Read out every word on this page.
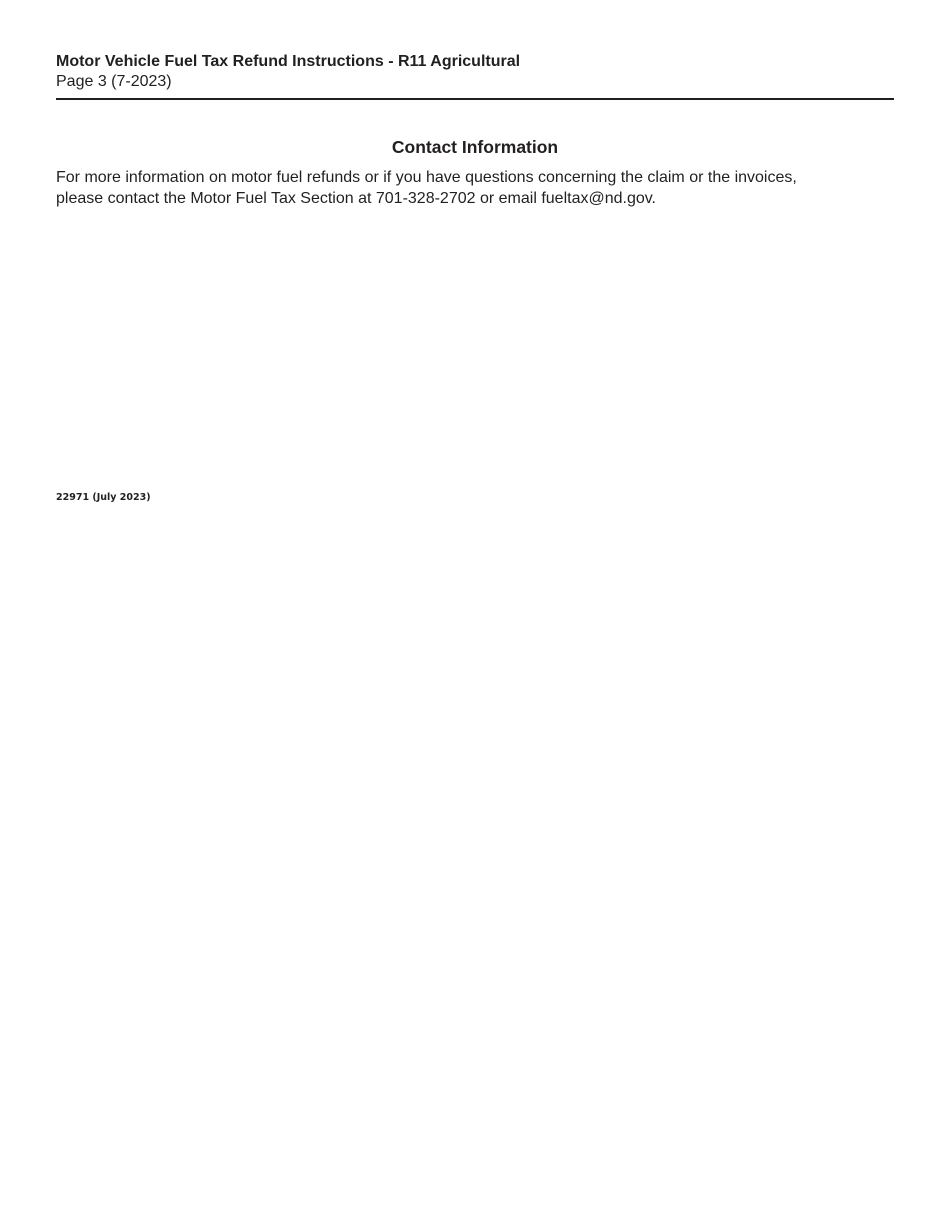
Motor Vehicle Fuel Tax Refund Instructions - R11 Agricultural

Page 3 (7-2023)

Contact Information

For more information on motor fuel refunds or if you have questions concerning the claim or the invoices,
please contact the Motor Fuel Tax Section at 701-328-2702 or email fueltax@nd.gov.

22971 (July 2023)
